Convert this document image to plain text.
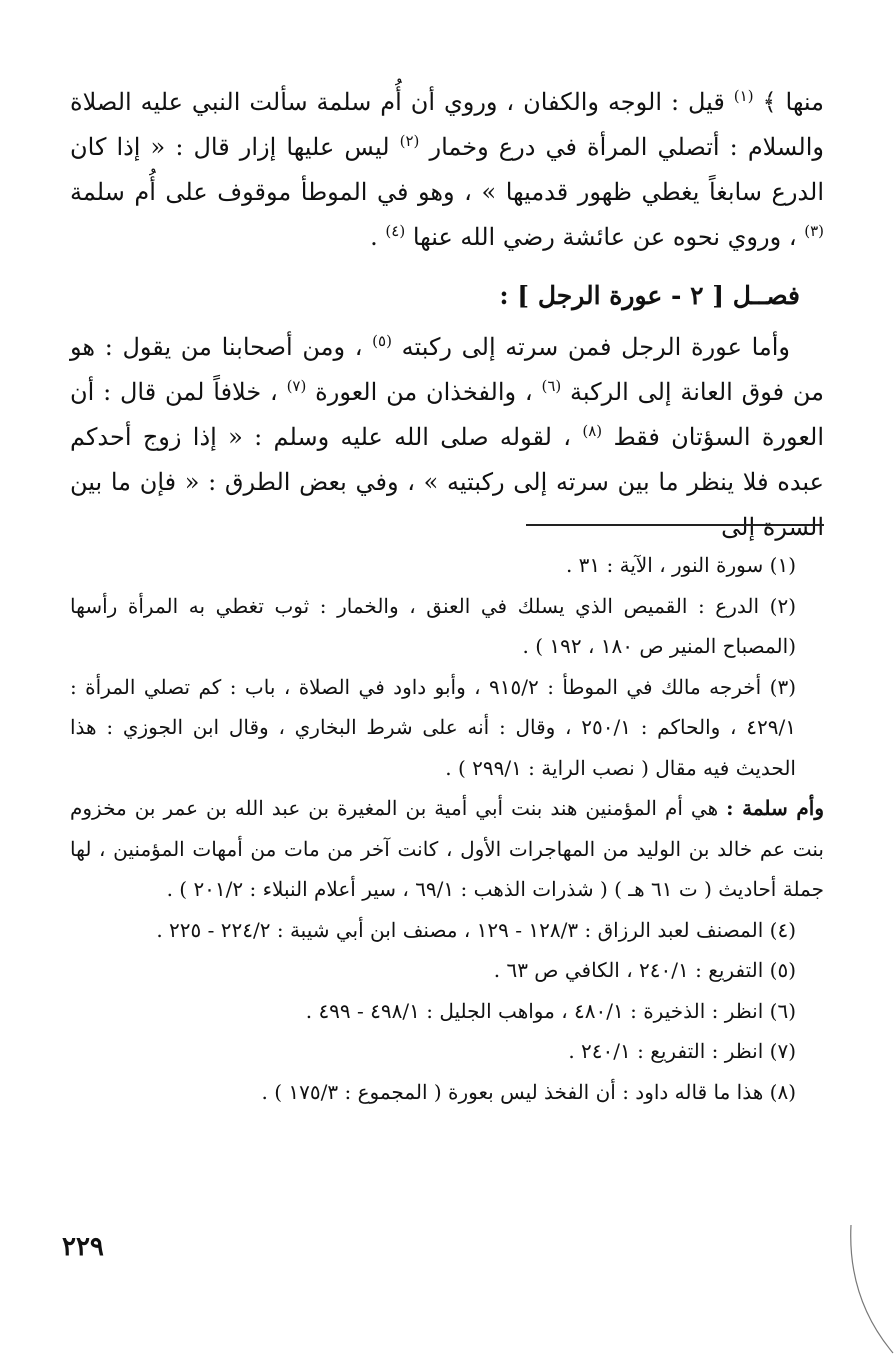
منها ﴾ $^{(١)}$ قيل : الوجه والكفان ، وروي أن أُم سلمة سألت النبي عليه الصلاة والسلام : أتصلي المرأة في درع وخمار $^{(٢)}$ ليس عليها إزار قال : « إذا كان الدرع سابغاً يغطي ظهور قدميها » ، وهو في الموطأ موقوف على أُم سلمة $^{(٣)}$ ، وروي نحوه عن عائشة رضي الله عنها $^{(٤)}$ .
فصــل [ ٢ - عورة الرجل ] :
وأما عورة الرجل فمن سرته إلى ركبته $^{(٥)}$ ، ومن أصحابنا من يقول : هو من فوق العانة إلى الركبة $^{(٦)}$ ، والفخذان من العورة $^{(٧)}$ ، خلافاً لمن قال : أن العورة السؤتان فقط $^{(٨)}$ ، لقوله صلى الله عليه وسلم : « إذا زوج أحدكم عبده فلا ينظر ما بين سرته إلى ركبتيه » ، وفي بعض الطرق : « فإن ما بين السرة إلى

(١) سورة النور ، الآية : ٣١ .

(٢) الدرع : القميص الذي يسلك في العنق ، والخمار : ثوب تغطي به المرأة رأسها (المصباح المنير ص ١٨٠ ، ١٩٢ ) .

(٣) أخرجه مالك في الموطأ : ٩١٥/٢ ، وأبو داود في الصلاة ، باب : كم تصلي المرأة : ٤٢٩/١ ، والحاكم : ٢٥٠/١ ، وقال : أنه على شرط البخاري ، وقال ابن الجوزي : هذا الحديث فيه مقال ( نصب الراية : ٢٩٩/١ ) .

وأم سلمة : هي أم المؤمنين هند بنت أبي أمية بن المغيرة بن عبد الله بن عمر بن مخزوم بنت عم خالد بن الوليد من المهاجرات الأول ، كانت آخر من مات من أمهات المؤمنين ، لها جملة أحاديث ( ت ٦١ هـ ) ( شذرات الذهب : ٦٩/١ ، سير أعلام النبلاء : ٢٠١/٢ ) .

(٤) المصنف لعبد الرزاق : ١٢٨/٣ - ١٢٩ ، مصنف ابن أبي شيبة : ٢٢٤/٢ - ٢٢٥ .

(٥) التفريع : ٢٤٠/١ ، الكافي ص ٦٣ .

(٦) انظر : الذخيرة : ٤٨٠/١ ، مواهب الجليل : ٤٩٨/١ - ٤٩٩ .

(٧) انظر : التفريع : ٢٤٠/١ .

(٨) هذا ما قاله داود : أن الفخذ ليس بعورة ( المجموع : ١٧٥/٣ ) .

٢٢٩
